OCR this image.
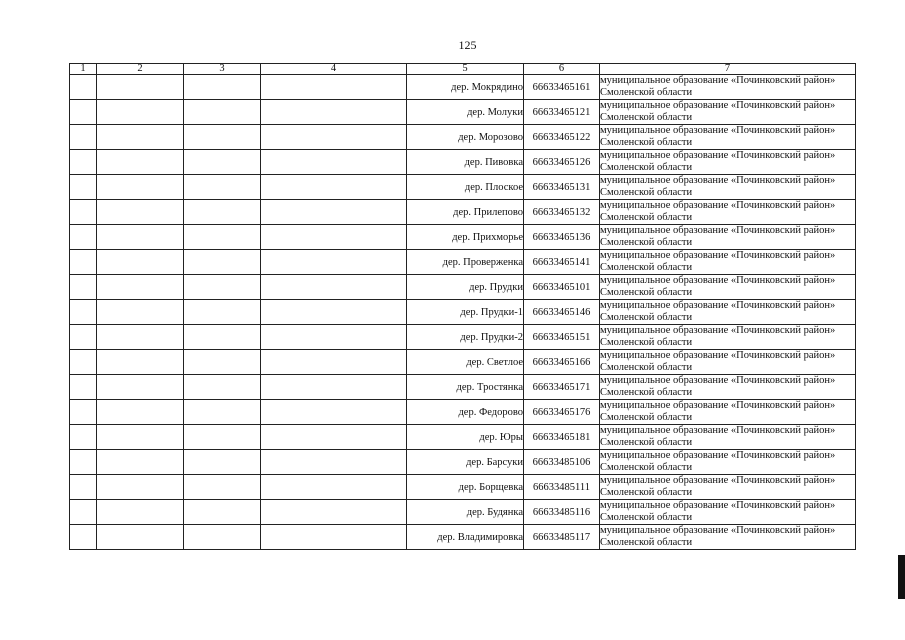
125
1	2	3	4	5	6	7
				дер. Мокрядино	66633465161	муниципальное образование «Починковский район»
Смоленской области

				дер. Молуки	66633465121	муниципальное образование «Починковский район»
Смоленской области

				дер. Морозово	66633465122	муниципальное образование «Починковский район»
Смоленской области

				дер. Пивовка	66633465126	муниципальное образование «Починковский район»
Смоленской области

				дер. Плоское	66633465131	муниципальное образование «Починковский район»
Смоленской области

				дер. Прилепово	66633465132	муниципальное образование «Починковский район»
Смоленской области

				дер. Прихморье	66633465136	муниципальное образование «Починковский район»
Смоленской области

				дер. Проверженка	66633465141	муниципальное образование «Починковский район»
Смоленской области

				дер. Прудки	66633465101	муниципальное образование «Починковский район»
Смоленской области

				дер. Прудки-1	66633465146	муниципальное образование «Починковский район»
Смоленской области

				дер. Прудки-2	66633465151	муниципальное образование «Починковский район»
Смоленской области

				дер. Светлое	66633465166	муниципальное образование «Починковский район»
Смоленской области

				дер. Тростянка	66633465171	муниципальное образование «Починковский район»
Смоленской области

				дер. Федорово	66633465176	муниципальное образование «Починковский район»
Смоленской области

				дер. Юры	66633465181	муниципальное образование «Починковский район»
Смоленской области

				дер. Барсуки	66633485106	муниципальное образование «Починковский район»
Смоленской области

				дер. Борщевка	66633485111	муниципальное образование «Починковский район»
Смоленской области

				дер. Будянка	66633485116	муниципальное образование «Починковский район»
Смоленской области

				дер. Владимировка	66633485117	муниципальное образование «Починковский район»
Смоленской области
